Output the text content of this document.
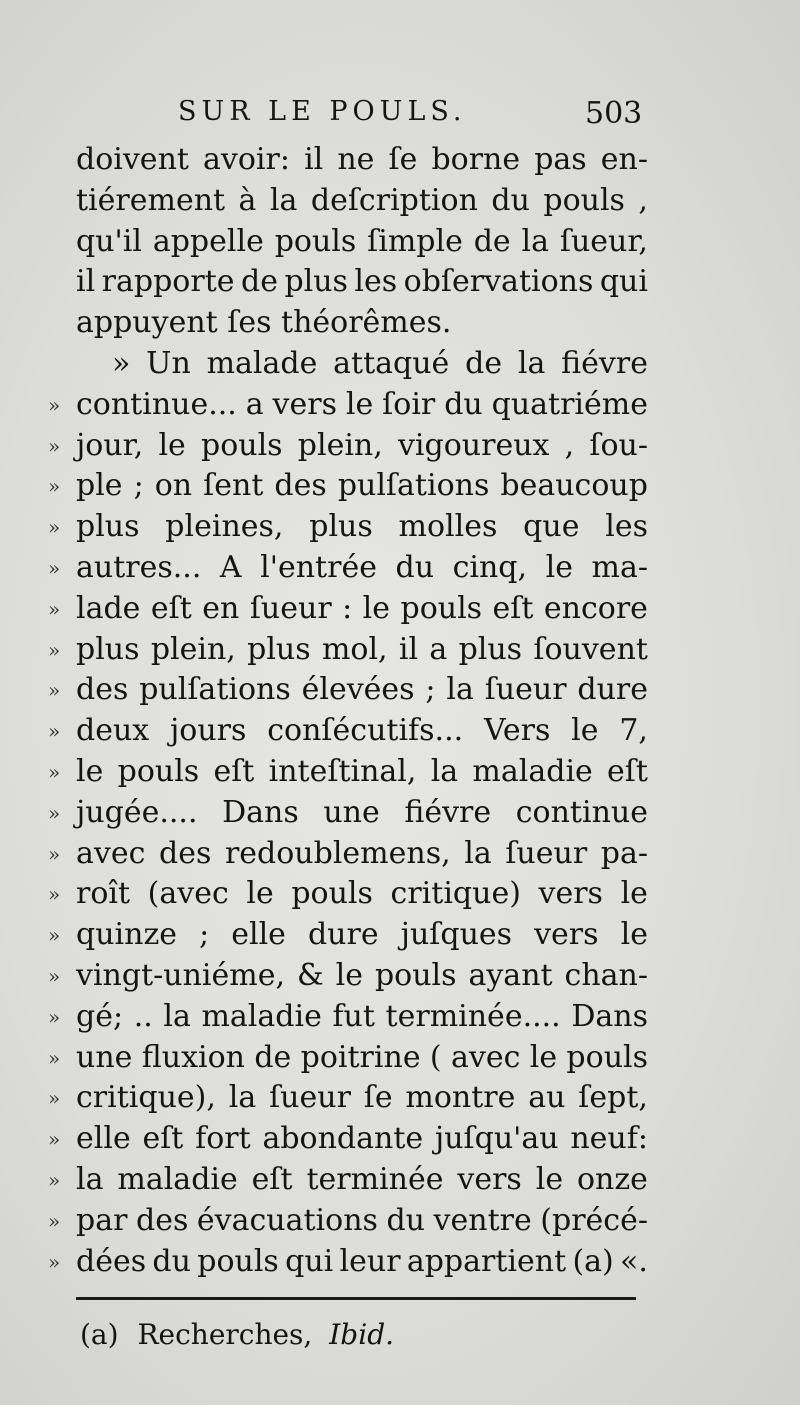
SUR LE POULS.	503
doivent avoir: il ne ſe borne pas en-
tiérement à la deſcription du pouls ,
qu'il appelle pouls ſimple de la ſueur,
il rapporte de plus les obſervations qui
appuyent ſes théorêmes.
» Un malade attaqué de la fiévre
» continue... a vers le ſoir du quatriéme
» jour, le pouls plein, vigoureux , ſou-
» ple ; on ſent des pulſations beaucoup
» plus pleines, plus molles que les
» autres... A l'entrée du cinq, le ma-
» lade eſt en ſueur : le pouls eſt encore
» plus plein, plus mol, il a plus ſouvent
» des pulſations élevées ; la ſueur dure
» deux jours conſécutifs... Vers le 7,
» le pouls eſt inteſtinal, la maladie eſt
» jugée.... Dans une fiévre continue
» avec des redoublemens, la ſueur pa-
» roît (avec le pouls critique) vers le
» quinze ; elle dure juſques vers le
» vingt-uniéme, & le pouls ayant chan-
» gé; .. la maladie fut terminée.... Dans
» une fluxion de poitrine ( avec le pouls
» critique), la ſueur ſe montre au ſept,
» elle eſt fort abondante juſqu'au neuf:
» la maladie eſt terminée vers le onze
» par des évacuations du ventre (précé-
» dées du pouls qui leur appartient (a) «.
(a) Recherches, Ibid.
